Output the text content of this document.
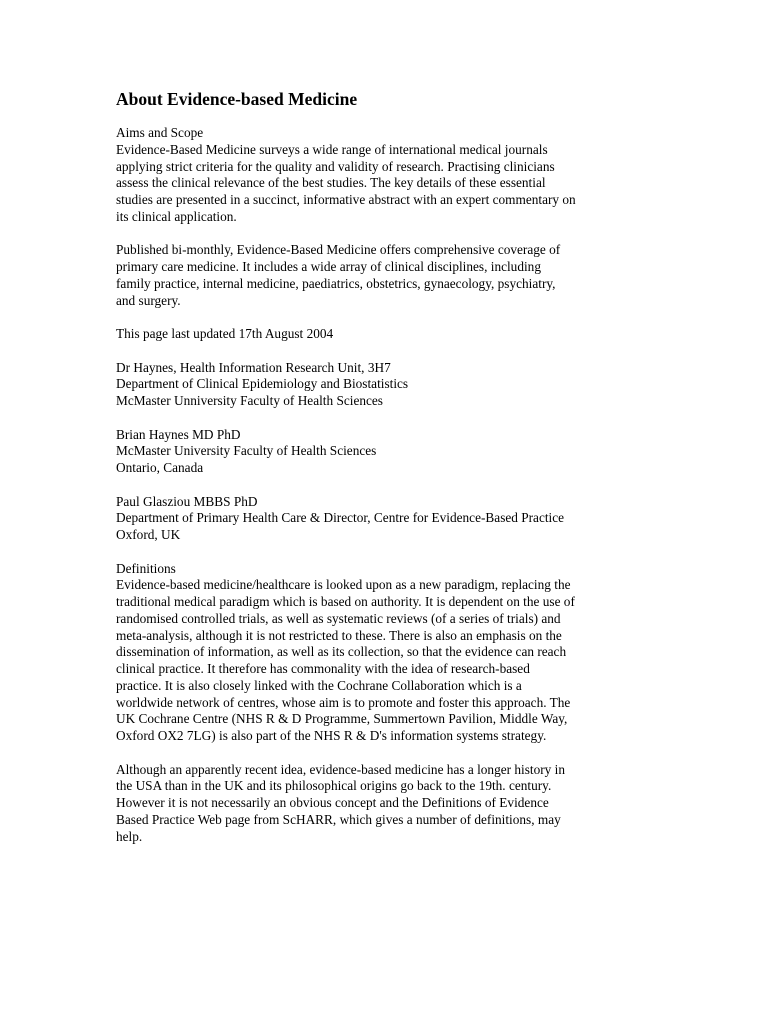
About Evidence-based Medicine
Aims and Scope
Evidence-Based Medicine surveys a wide range of international medical journals
applying strict criteria for the quality and validity of research. Practising clinicians
assess the clinical relevance of the best studies. The key details of these essential
studies are presented in a succinct, informative abstract with an expert commentary on
its clinical application.
Published bi-monthly, Evidence-Based Medicine offers comprehensive coverage of
primary care medicine. It includes a wide array of clinical disciplines, including
family practice, internal medicine, paediatrics, obstetrics, gynaecology, psychiatry,
and surgery.
This page last updated 17th August 2004
Dr Haynes, Health Information Research Unit, 3H7
Department of Clinical Epidemiology and Biostatistics
McMaster Unniversity Faculty of Health Sciences
Brian Haynes MD PhD
McMaster University Faculty of Health Sciences
Ontario, Canada
Paul Glasziou MBBS PhD
Department of Primary Health Care & Director, Centre for Evidence-Based Practice
Oxford, UK
Definitions
Evidence-based medicine/healthcare is looked upon as a new paradigm, replacing the
traditional medical paradigm which is based on authority. It is dependent on the use of
randomised controlled trials, as well as systematic reviews (of a series of trials) and
meta-analysis, although it is not restricted to these. There is also an emphasis on the
dissemination of information, as well as its collection, so that the evidence can reach
clinical practice. It therefore has commonality with the idea of research-based
practice. It is also closely linked with the Cochrane Collaboration which is a
worldwide network of centres, whose aim is to promote and foster this approach. The
UK Cochrane Centre (NHS R & D Programme, Summertown Pavilion, Middle Way,
Oxford OX2 7LG) is also part of the NHS R & D's information systems strategy.
Although an apparently recent idea, evidence-based medicine has a longer history in
the USA than in the UK and its philosophical origins go back to the 19th. century.
However it is not necessarily an obvious concept and the Definitions of Evidence
Based Practice Web page from ScHARR, which gives a number of definitions, may
help.
